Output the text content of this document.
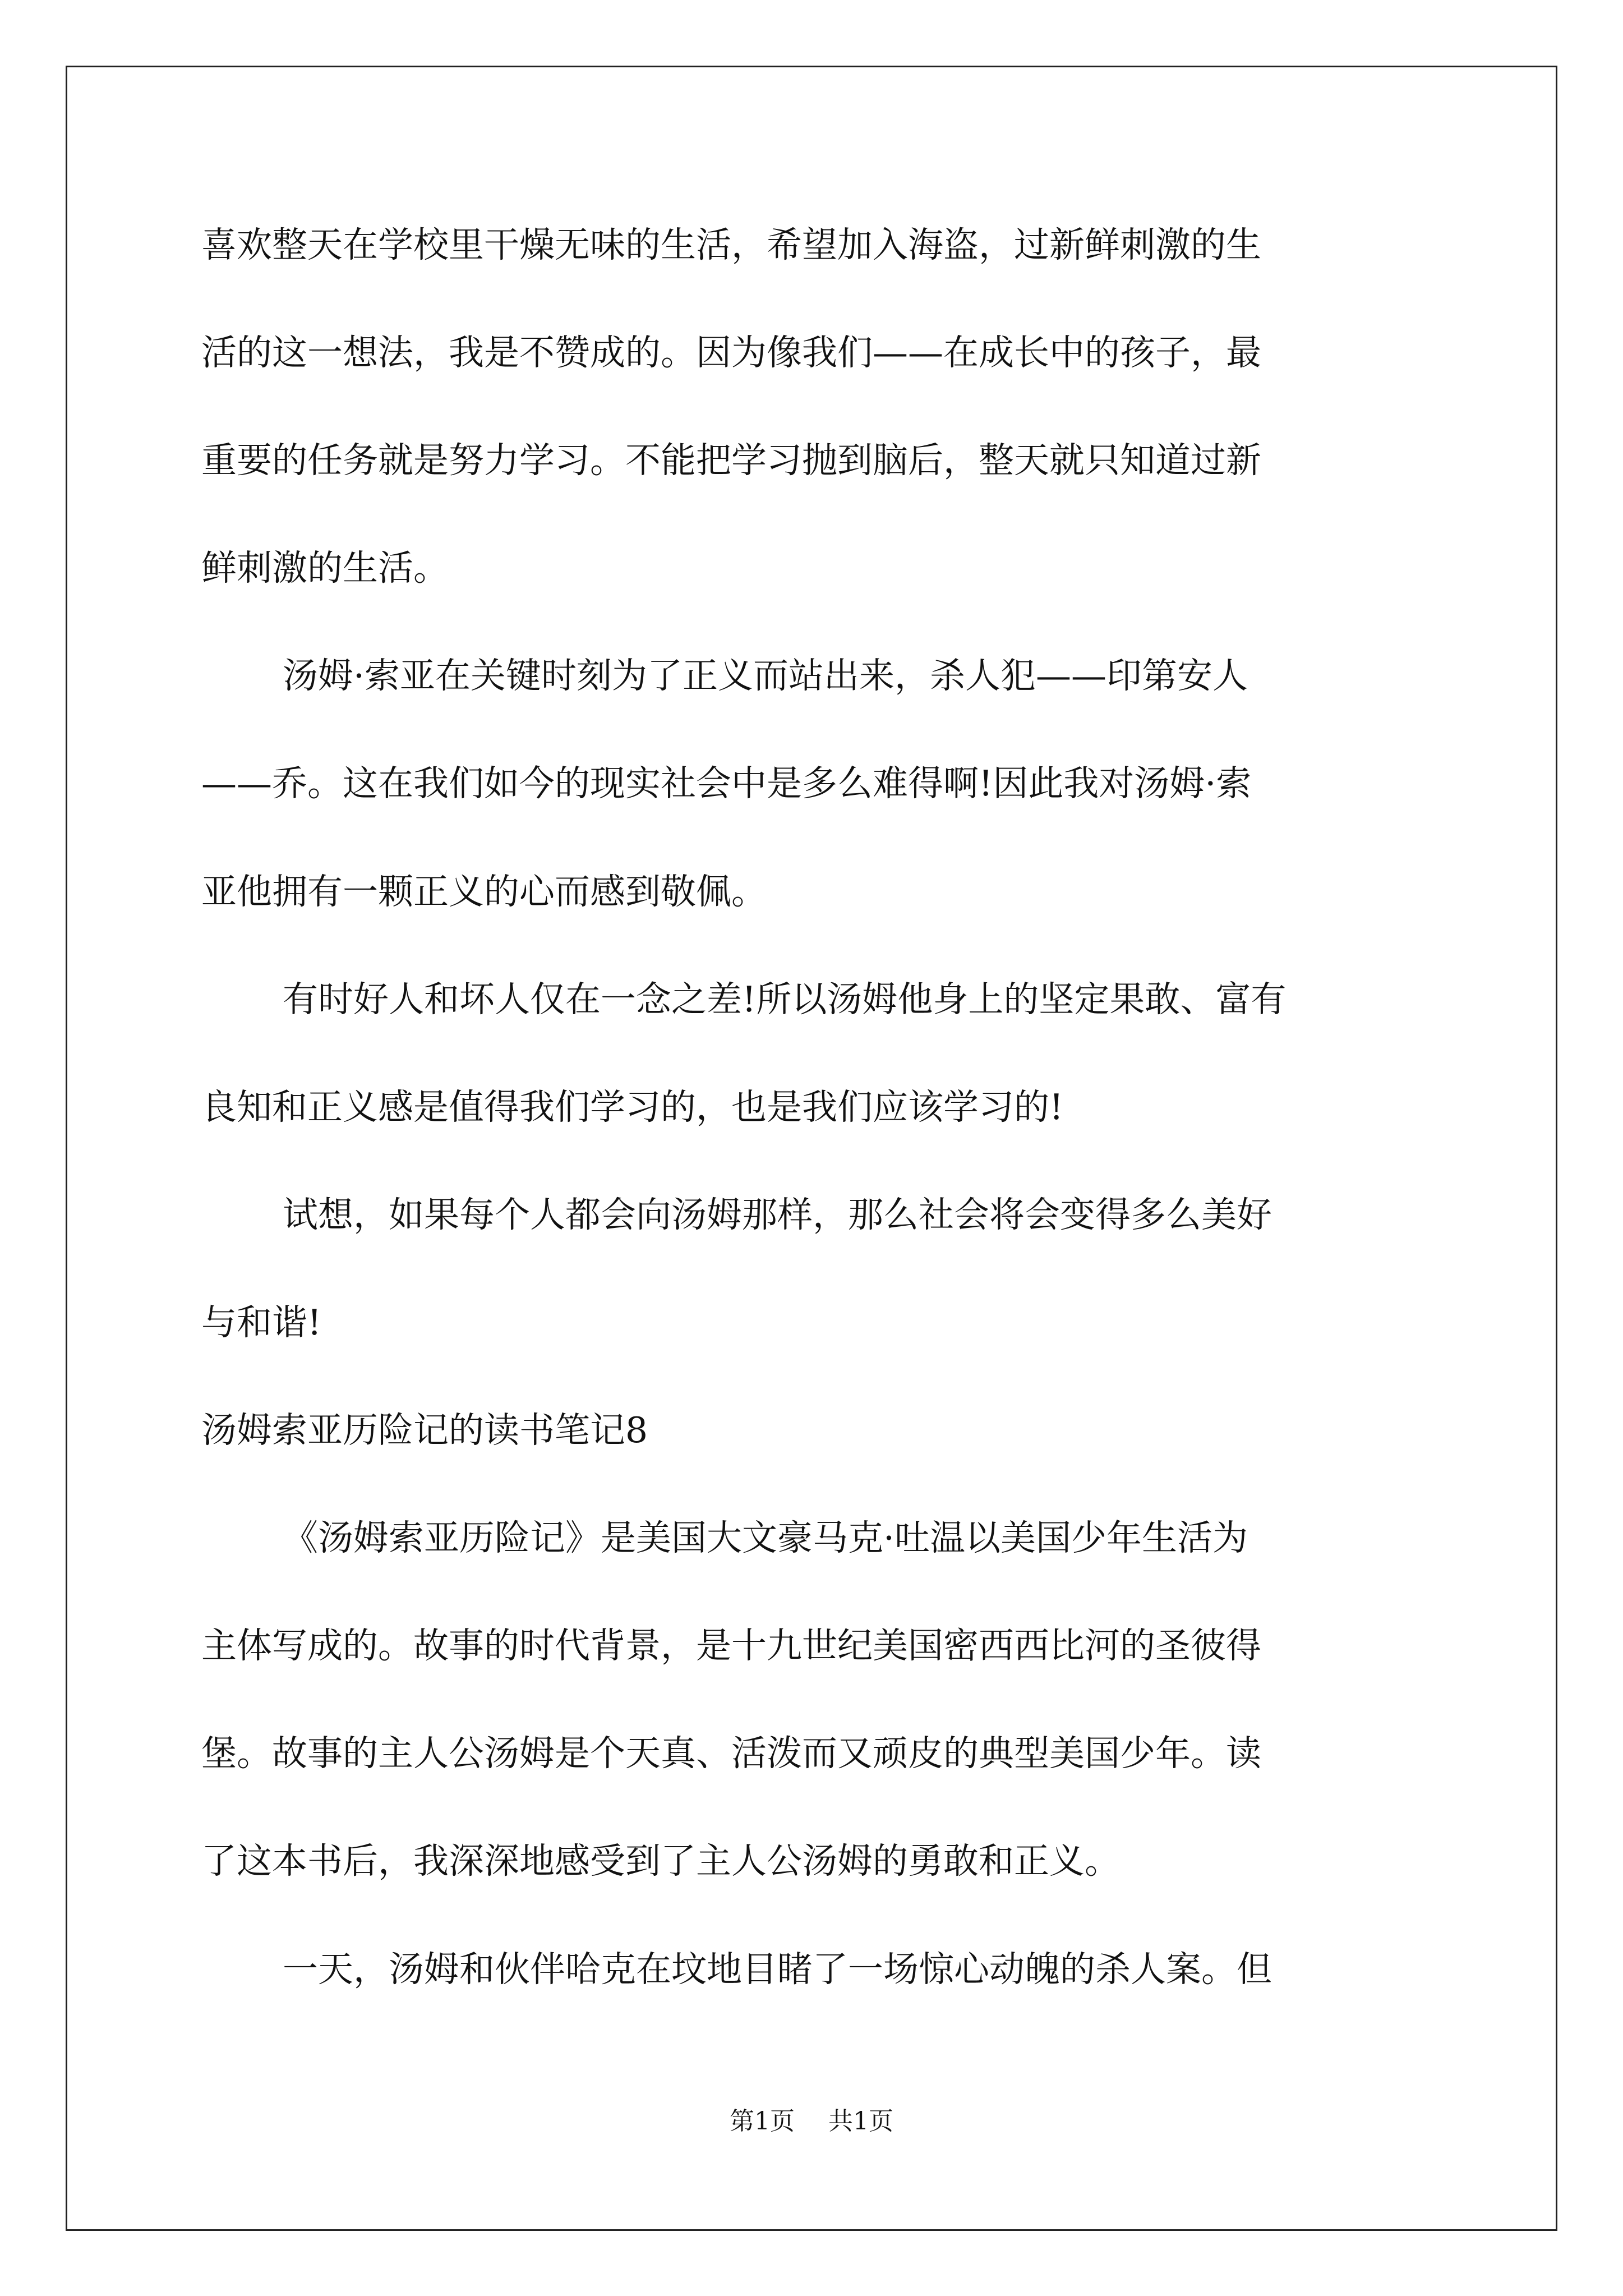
喜欢整天在学校里干燥无味的生活，希望加入海盗，过新鲜刺激的生
活的这一想法，我是不赞成的。因为像我们——在成长中的孩子，最
重要的任务就是努力学习。不能把学习抛到脑后，整天就只知道过新
鲜刺激的生活。
汤姆·索亚在关键时刻为了正义而站出来，杀人犯——印第安人
——乔。这在我们如今的现实社会中是多么难得啊!因此我对汤姆·索
亚他拥有一颗正义的心而感到敬佩。
有时好人和坏人仅在一念之差!所以汤姆他身上的坚定果敢、富有
良知和正义感是值得我们学习的，也是我们应该学习的!
试想，如果每个人都会向汤姆那样，那么社会将会变得多么美好
与和谐!
汤姆索亚历险记的读书笔记8
《汤姆索亚历险记》是美国大文豪马克·吐温以美国少年生活为
主体写成的。故事的时代背景，是十九世纪美国密西西比河的圣彼得
堡。故事的主人公汤姆是个天真、活泼而又顽皮的典型美国少年。读
了这本书后，我深深地感受到了主人公汤姆的勇敢和正义。
一天，汤姆和伙伴哈克在坟地目睹了一场惊心动魄的杀人案。但
第1页 共1页
